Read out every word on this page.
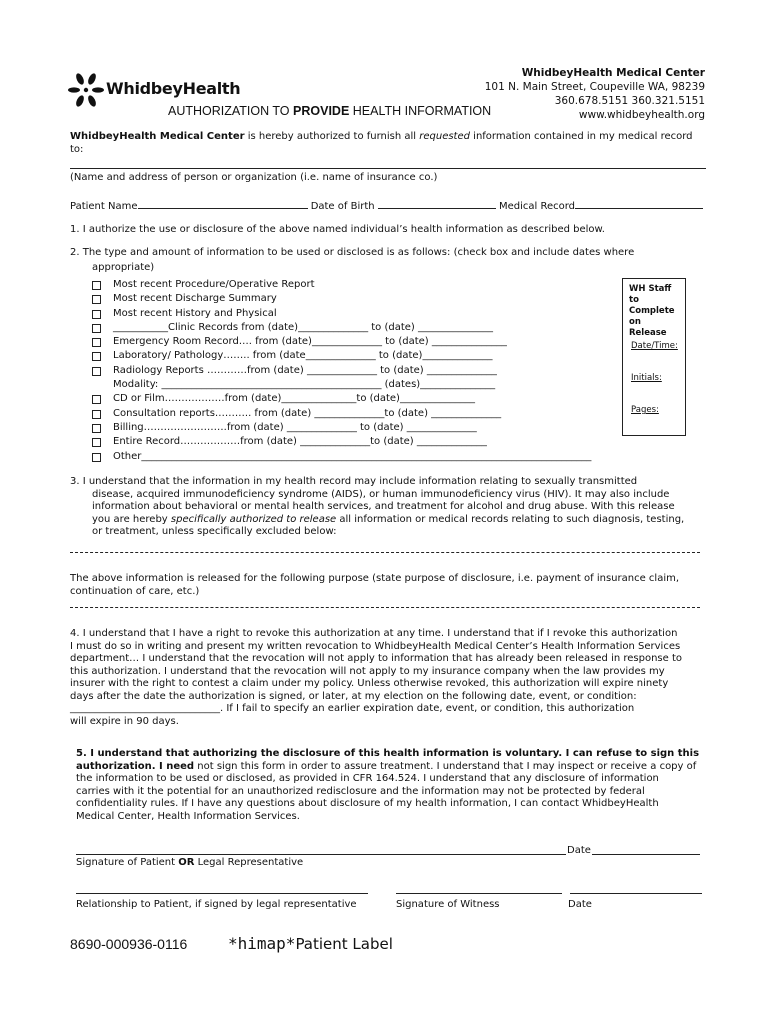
WhidbeyHealth
WhidbeyHealth Medical Center
101 N. Main Street, Coupeville WA, 98239
360.678.5151 360.321.5151
www.whidbeyhealth.org
AUTHORIZATION TO PROVIDE HEALTH INFORMATION
WhidbeyHealth Medical Center is hereby authorized to furnish all requested information contained in my medical record to:
(Name and address of person or organization (i.e. name of insurance co.)
Patient Name	Date of Birth	Medical Record
1. I authorize the use or disclosure of the above named individual’s health information as described below.
2. The type and amount of information to be used or disclosed is as follows: (check box and include dates where
appropriate)
Most recent Procedure/Operative Report
Most recent Discharge Summary
Most recent History and Physical
___________Clinic Records from (date)______________ to (date) _______________
Emergency Room Record…. from (date)______________ to (date) _______________
Laboratory/ Pathology…….. from (date______________ to (date)______________
Radiology Reports …………from (date) ______________ to (date) ______________
Modality: ____________________________________________ (dates)_______________
CD or Film………………from (date)_______________to (date)_______________
Consultation reports……….. from (date) ______________to (date) ______________
Billing…………………….from (date) ______________ to (date) ______________
Entire Record………………from (date) ______________to (date) ______________
Other__________________________________________________________________________________________
WH Staff to Complete on Release
Date/Time:
Initials:
Pages:
3. I understand that the information in my health record may include information relating to sexually transmitted
disease, acquired immunodeficiency syndrome (AIDS), or human immunodeficiency virus (HIV). It may also include
information about behavioral or mental health services, and treatment for alcohol and drug abuse. With this release
you are hereby specifically authorized to release all information or medical records relating to such diagnosis, testing,
or treatment, unless specifically excluded below:
The above information is released for the following purpose (state purpose of disclosure, i.e. payment of insurance claim,
continuation of care, etc.)
4. I understand that I have a right to revoke this authorization at any time. I understand that if I revoke this authorization
I must do so in writing and present my written revocation to WhidbeyHealth Medical Center’s Health Information Services
department… I understand that the revocation will not apply to information that has already been released in response to
this authorization. I understand that the revocation will not apply to my insurance company when the law provides my
insurer with the right to contest a claim under my policy. Unless otherwise revoked, this authorization will expire ninety
days after the date the authorization is signed, or later, at my election on the following date, event, or condition:
______________________________. If I fail to specify an earlier expiration date, event, or condition, this authorization
will expire in 90 days.
5. I understand that authorizing the disclosure of this health information is voluntary. I can refuse to sign this
authorization. I need not sign this form in order to assure treatment. I understand that I may inspect or receive a copy of
the information to be used or disclosed, as provided in CFR 164.524. I understand that any disclosure of information
carries with it the potential for an unauthorized redisclosure and the information may not be protected by federal
confidentiality rules. If I have any questions about disclosure of my health information, I can contact WhidbeyHealth
Medical Center, Health Information Services.
Date
Signature of Patient OR Legal Representative
Relationship to Patient, if signed by legal representative	Signature of Witness	Date
8690-000936-0116	*himap*Patient Label
